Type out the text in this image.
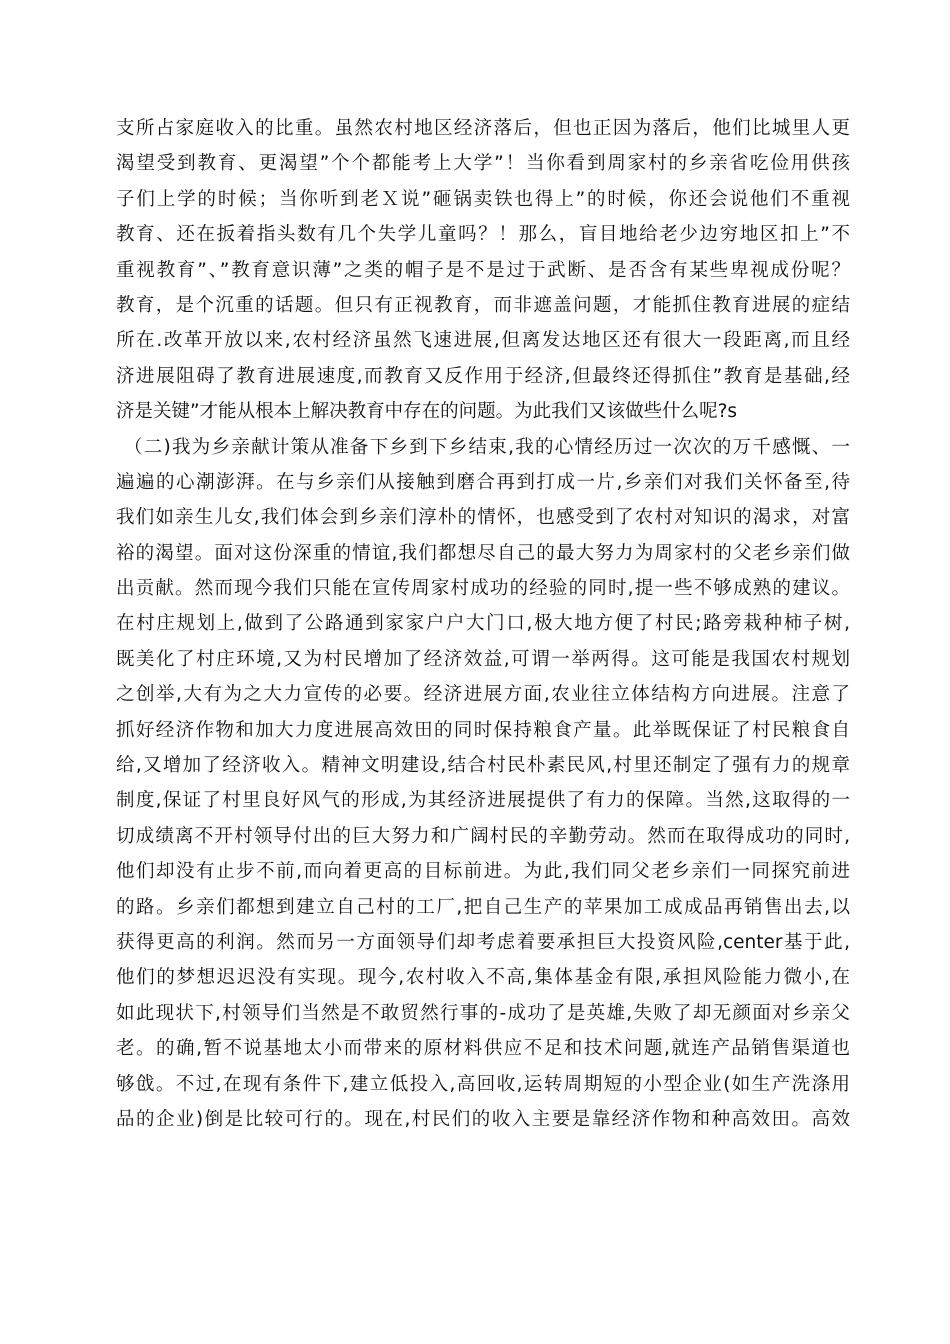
支所占家庭收入的比重。虽然农村地区经济落后，但也正因为落后，他们比城里人更
渴望受到教育、更渴望”个个都能考上大学”！当你看到周家村的乡亲省吃俭用供孩
子们上学的时候；当你听到老Ｘ说”砸锅卖铁也得上”的时候，你还会说他们不重视
教育、还在扳着指头数有几个失学儿童吗？！那么，盲目地给老少边穷地区扣上”不
重视教育”、”教育意识薄”之类的帽子是不是过于武断、是否含有某些卑视成份呢？
教育，是个沉重的话题。但只有正视教育，而非遮盖问题，才能抓住教育进展的症结
所在.改革开放以来,农村经济虽然飞速进展,但离发达地区还有很大一段距离,而且经
济进展阻碍了教育进展速度,而教育又反作用于经济,但最终还得抓住”教育是基础,经
济是关键”才能从根本上解决教育中存在的问题。为此我们又该做些什么呢?s
（二)我为乡亲献计策从准备下乡到下乡结束,我的心情经历过一次次的万千感慨、一
遍遍的心潮澎湃。在与乡亲们从接触到磨合再到打成一片,乡亲们对我们关怀备至,待
我们如亲生儿女,我们体会到乡亲们淳朴的情怀，也感受到了农村对知识的渴求，对富
裕的渴望。面对这份深重的情谊,我们都想尽自己的最大努力为周家村的父老乡亲们做
出贡献。然而现今我们只能在宣传周家村成功的经验的同时,提一些不够成熟的建议。
在村庄规划上,做到了公路通到家家户户大门口,极大地方便了村民;路旁栽种柿子树,
既美化了村庄环境,又为村民增加了经济效益,可谓一举两得。这可能是我国农村规划
之创举,大有为之大力宣传的必要。经济进展方面,农业往立体结构方向进展。注意了
抓好经济作物和加大力度进展高效田的同时保持粮食产量。此举既保证了村民粮食自
给,又增加了经济收入。精神文明建设,结合村民朴素民风,村里还制定了强有力的规章
制度,保证了村里良好风气的形成,为其经济进展提供了有力的保障。当然,这取得的一
切成绩离不开村领导付出的巨大努力和广阔村民的辛勤劳动。然而在取得成功的同时,
他们却没有止步不前,而向着更高的目标前进。为此,我们同父老乡亲们一同探究前进
的路。乡亲们都想到建立自己村的工厂,把自己生产的苹果加工成成品再销售出去,以
获得更高的利润。然而另一方面领导们却考虑着要承担巨大投资风险,center基于此,
他们的梦想迟迟没有实现。现今,农村收入不高,集体基金有限,承担风险能力微小,在
如此现状下,村领导们当然是不敢贸然行事的-成功了是英雄,失败了却无颜面对乡亲父
老。的确,暂不说基地太小而带来的原材料供应不足和技术问题,就连产品销售渠道也
够戗。不过,在现有条件下,建立低投入,高回收,运转周期短的小型企业(如生产洗涤用
品的企业)倒是比较可行的。现在,村民们的收入主要是靠经济作物和种高效田。高效
